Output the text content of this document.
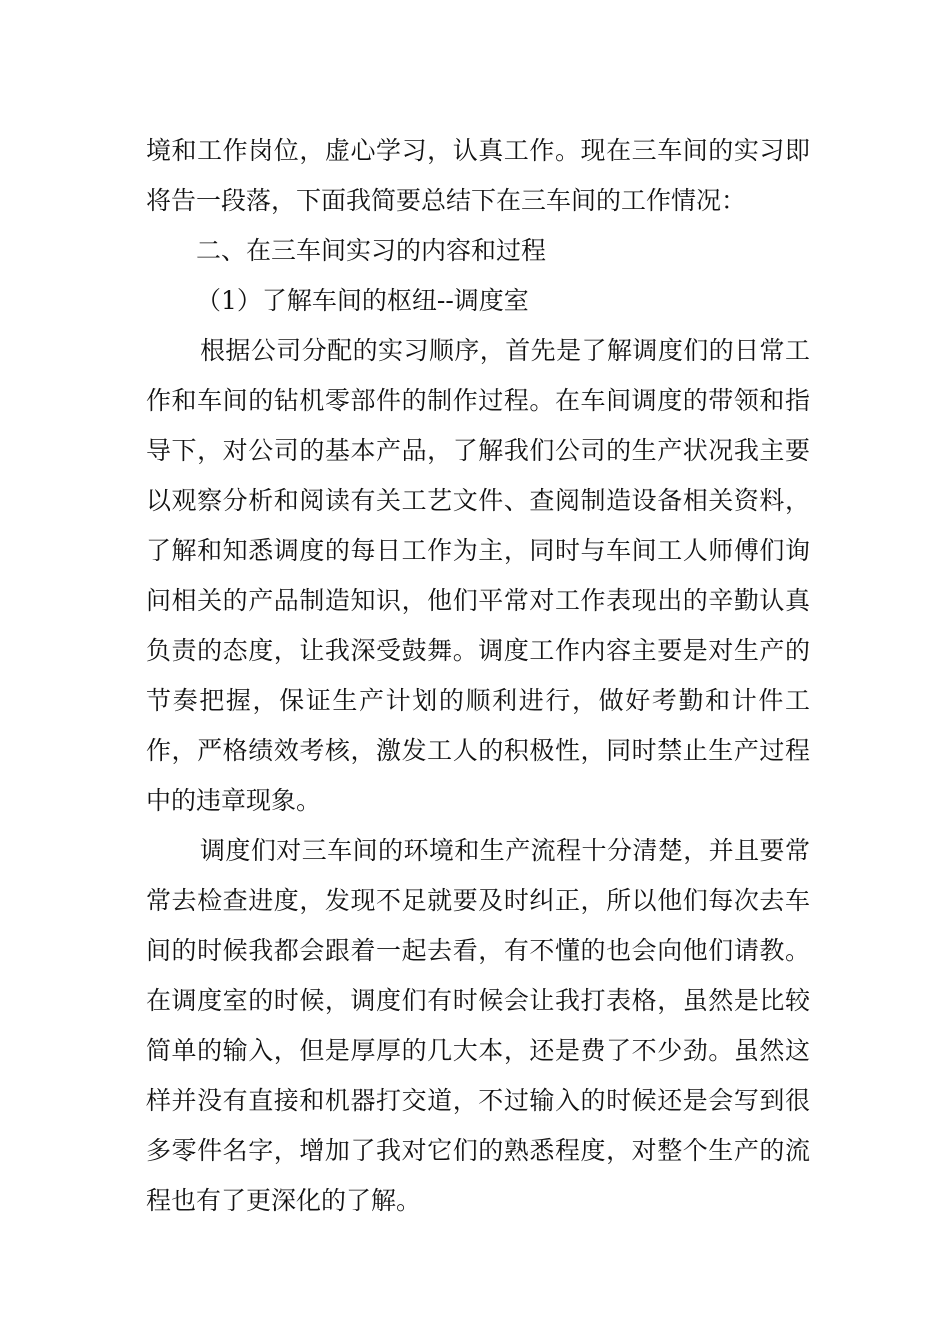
境和工作岗位，虚心学习，认真工作。现在三车间的实习即将告一段落，下面我简要总结下在三车间的工作情况：

二、在三车间实习的内容和过程

（1）了解车间的枢纽--调度室

根据公司分配的实习顺序，首先是了解调度们的日常工作和车间的钻机零部件的制作过程。在车间调度的带领和指导下，对公司的基本产品，了解我们公司的生产状况我主要以观察分析和阅读有关工艺文件、查阅制造设备相关资料，了解和知悉调度的每日工作为主，同时与车间工人师傅们询问相关的产品制造知识，他们平常对工作表现出的辛勤认真负责的态度，让我深受鼓舞。调度工作内容主要是对生产的节奏把握，保证生产计划的顺利进行，做好考勤和计件工作，严格绩效考核，激发工人的积极性，同时禁止生产过程中的违章现象。

调度们对三车间的环境和生产流程十分清楚，并且要常常去检查进度，发现不足就要及时纠正，所以他们每次去车间的时候我都会跟着一起去看，有不懂的也会向他们请教。在调度室的时候，调度们有时候会让我打表格，虽然是比较简单的输入，但是厚厚的几大本，还是费了不少劲。虽然这样并没有直接和机器打交道，不过输入的时候还是会写到很多零件名字，增加了我对它们的熟悉程度，对整个生产的流程也有了更深化的了解。
